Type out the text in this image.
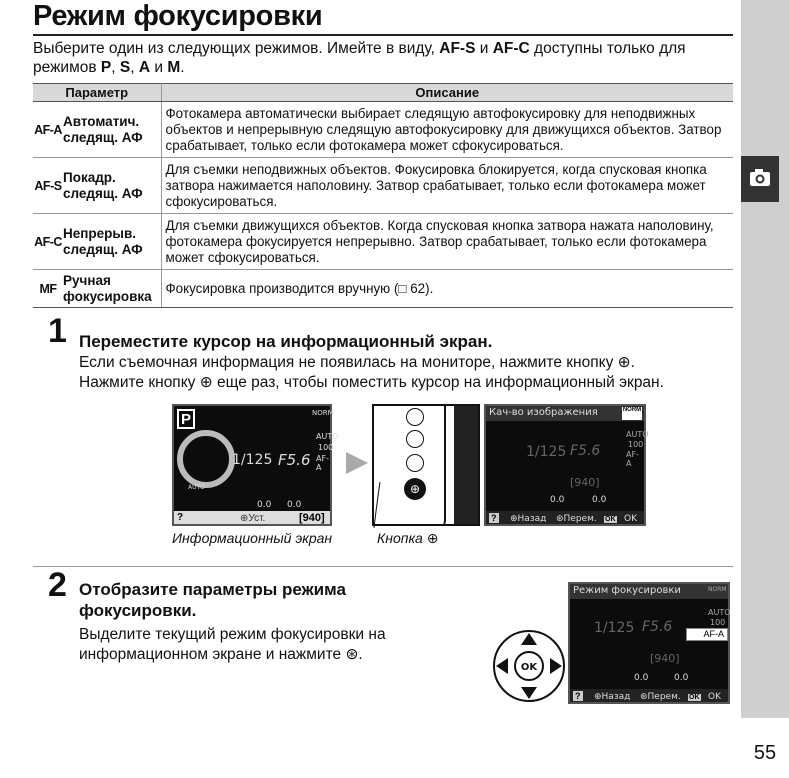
Режим фокусировки
Выберите один из следующих режимов. Имейте в виду, AF-S и AF-C доступны только для режимов P, S, A и M.
Параметр		Описание
AF-A	Автоматич. следящ. АФ	Фотокамера автоматически выбирает следящую автофокусировку для неподвижных объектов и непрерывную следящую автофокусировку для движущихся объектов. Затвор срабатывает, только если фотокамера может сфокусироваться.
AF-S	Покадр. следящ. АФ	Для съемки неподвижных объектов. Фокусировка блокируется, когда спусковая кнопка затвора нажимается наполовину. Затвор срабатывает, только если фотокамера может сфокусироваться.
AF-C	Непрерыв. следящ. АФ	Для съемки движущихся объектов. Когда спусковая кнопка затвора нажата наполовину, фотокамера фокусируется непрерывно. Затвор срабатывает, только если фотокамера может сфокусироваться.
MF	Ручная фокусировка	Фокусировка производится вручную (□ 62).
1 Переместите курсор на информационный экран.
Если съемочная информация не появилась на мониторе, нажмите кнопку ⊕.
Нажмите кнопку ⊕ еще раз, чтобы поместить курсор на информационный экран.
P
1/125 F5.6
NORM
AUTO
100
AF-A
AUTO
0.0 0.0
?	⊕Уст.	[940]
⊕
Кач-во изображения	NORM
1/125 F5.6
AUTO
100
AF-A
[940]
0.0	0.0
? ⊕Назад ⊛Перем. OK OK
Информационный экран	Кнопка ⊕
2 Отобразите параметры режима
фокусировки.
Выделите текущий режим фокусировки на
информационном экране и нажмите ⊛.
OK
Режим фокусировки	NORM
1/125 F5.6
AUTO
100
AF-A
[940]
0.0	0.0
? ⊕Назад ⊛Перем. OK OK
55
